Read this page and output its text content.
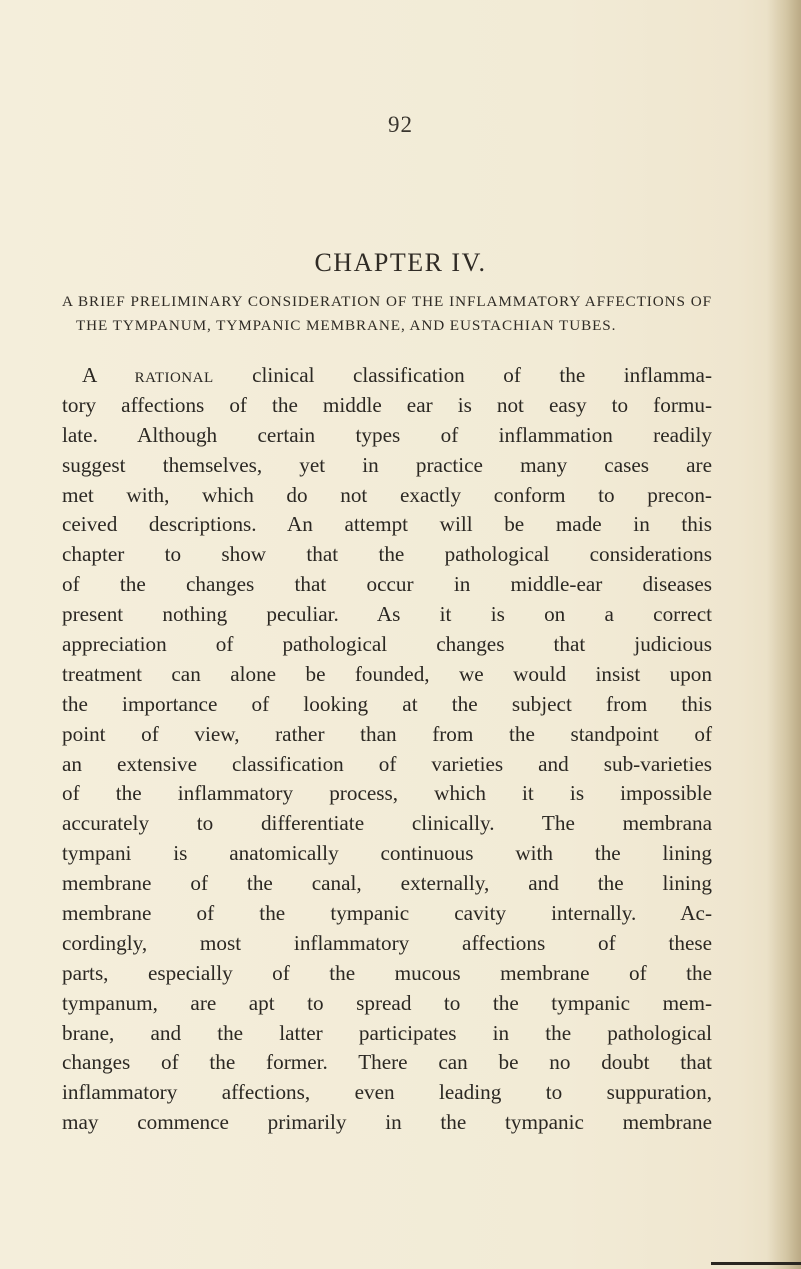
92
CHAPTER IV.
A BRIEF PRELIMINARY CONSIDERATION OF THE INFLAMMATORY AFFECTIONS OF THE TYMPANUM, TYMPANIC MEMBRANE, AND EUSTACHIAN TUBES.
A rational clinical classification of the inflamma-
tory affections of the middle ear is not easy to formu-
late. Although certain types of inflammation readily
suggest themselves, yet in practice many cases are
met with, which do not exactly conform to precon-
ceived descriptions. An attempt will be made in this
chapter to show that the pathological considerations
of the changes that occur in middle-ear diseases
present nothing peculiar. As it is on a correct
appreciation of pathological changes that judicious
treatment can alone be founded, we would insist upon
the importance of looking at the subject from this
point of view, rather than from the standpoint of
an extensive classification of varieties and sub-varieties
of the inflammatory process, which it is impossible
accurately to differentiate clinically. The membrana
tympani is anatomically continuous with the lining
membrane of the canal, externally, and the lining
membrane of the tympanic cavity internally. Ac-
cordingly, most inflammatory affections of these
parts, especially of the mucous membrane of the
tympanum, are apt to spread to the tympanic mem-
brane, and the latter participates in the pathological
changes of the former. There can be no doubt that
inflammatory affections, even leading to suppuration,
may commence primarily in the tympanic membrane
